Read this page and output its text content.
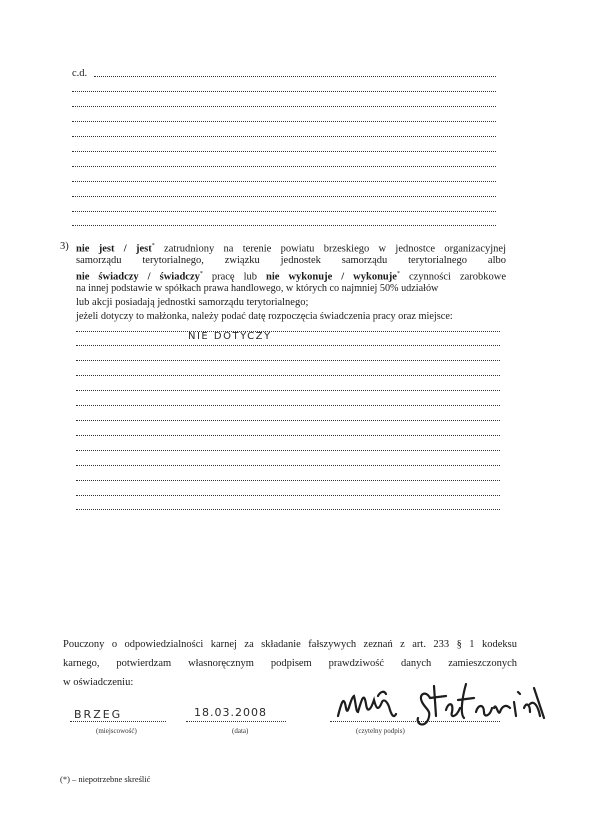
c.d.
3) nie jest / jest* zatrudniony na terenie powiatu brzeskiego w jednostce organizacyjnej
samorządu terytorialnego, związku jednostek samorządu terytorialnego albo
nie świadczy / świadczy* pracę lub nie wykonuje / wykonuje* czynności zarobkowe
na innej podstawie w spółkach prawa handlowego, w których co najmniej 50% udziałów
lub akcji posiadają jednostki samorządu terytorialnego;
jeżeli dotyczy to małżonka, należy podać datę rozpoczęcia świadczenia pracy oraz miejsce:
NIE DOTYCZY
Pouczony o odpowiedzialności karnej za składanie fałszywych zeznań z art. 233 § 1 kodeksu
karnego, potwierdzam własnoręcznym podpisem prawdziwość danych zamieszczonych
w oświadczeniu:
BRZEG
(miejscowość)
18.03.2008
(data)	(czytelny podpis)
(*) – niepotrzebne skreślić
